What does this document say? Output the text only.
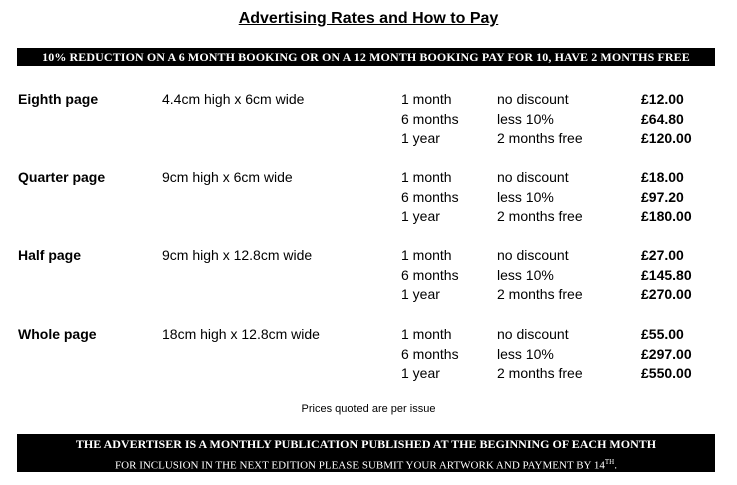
Advertising Rates and How to Pay
10% REDUCTION ON A 6 MONTH BOOKING OR ON A 12 MONTH BOOKING PAY FOR 10, HAVE 2 MONTHS FREE
Eighth page	4.4cm high x 6cm wide	1 month	no discount	£12.00
6 months	less 10%	£64.80
1 year	2 months free	£120.00
Quarter page	9cm high x 6cm wide	1 month	no discount	£18.00
6 months	less 10%	£97.20
1 year	2 months free	£180.00
Half page	9cm high x 12.8cm wide	1 month	no discount	£27.00
6 months	less 10%	£145.80
1 year	2 months free	£270.00
Whole page	18cm high x 12.8cm wide	1 month	no discount	£55.00
6 months	less 10%	£297.00
1 year	2 months free	£550.00
Prices quoted are per issue
THE ADVERTISER IS A MONTHLY PUBLICATION PUBLISHED AT THE BEGINNING OF EACH MONTH
FOR INCLUSION IN THE NEXT EDITION PLEASE SUBMIT YOUR ARTWORK AND PAYMENT BY 14TH.
